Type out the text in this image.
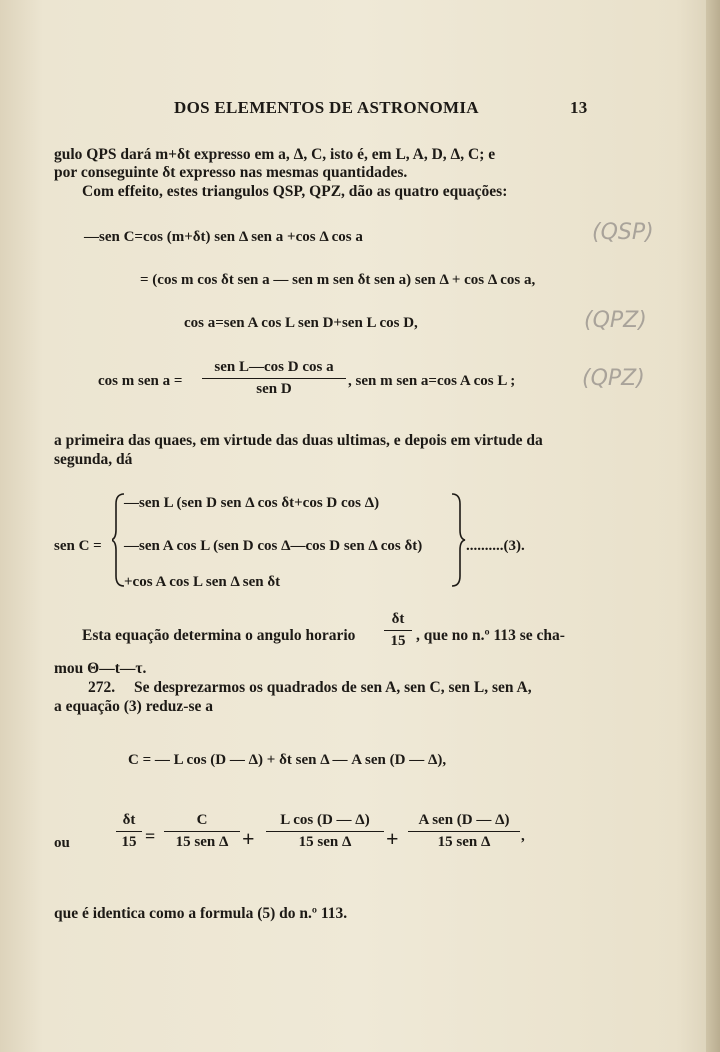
DOS ELEMENTOS DE ASTRONOMIA	13
gulo QPS dará m+δt expresso em a, Δ, C, isto é, em L, A, D, Δ, C; e
por conseguinte δt expresso nas mesmas quantidades.
Com effeito, estes triangulos QSP, QPZ, dão as quatro equações:
—sen C=cos (m+δt) sen Δ sen a +cos Δ cos a	(QSP)
= (cos m cos δt sen a — sen m sen δt sen a) sen Δ + cos Δ cos a,
cos a=sen A cos L sen D+sen L cos D,	(QPZ)
cos m sen a =
sen L—cos D cos a
sen D	, sen m sen a=cos A cos L ;	(QPZ)
a primeira das quaes, em virtude das duas ultimas, e depois em virtude da
segunda, dá
sen C =
—sen L (sen D sen Δ cos δt+cos D cos Δ)
—sen A cos L (sen D cos Δ—cos D sen Δ cos δt)
+cos A cos L sen Δ sen δt
..........(3).
Esta equação determina o angulo horario
δt
15 , que no n.º 113 se cha-
mou Θ—t—τ.
272. Se desprezarmos os quadrados de sen A, sen C, sen L, sen A,
a equação (3) reduz-se a
C = — L cos (D — Δ) + δt sen Δ — A sen (D — Δ),
ou
δt
15 =
C
15 sen Δ +
L cos (D — Δ)
15 sen Δ	+
A sen (D — Δ)
15 sen Δ	,
que é identica como a formula (5) do n.º 113.
